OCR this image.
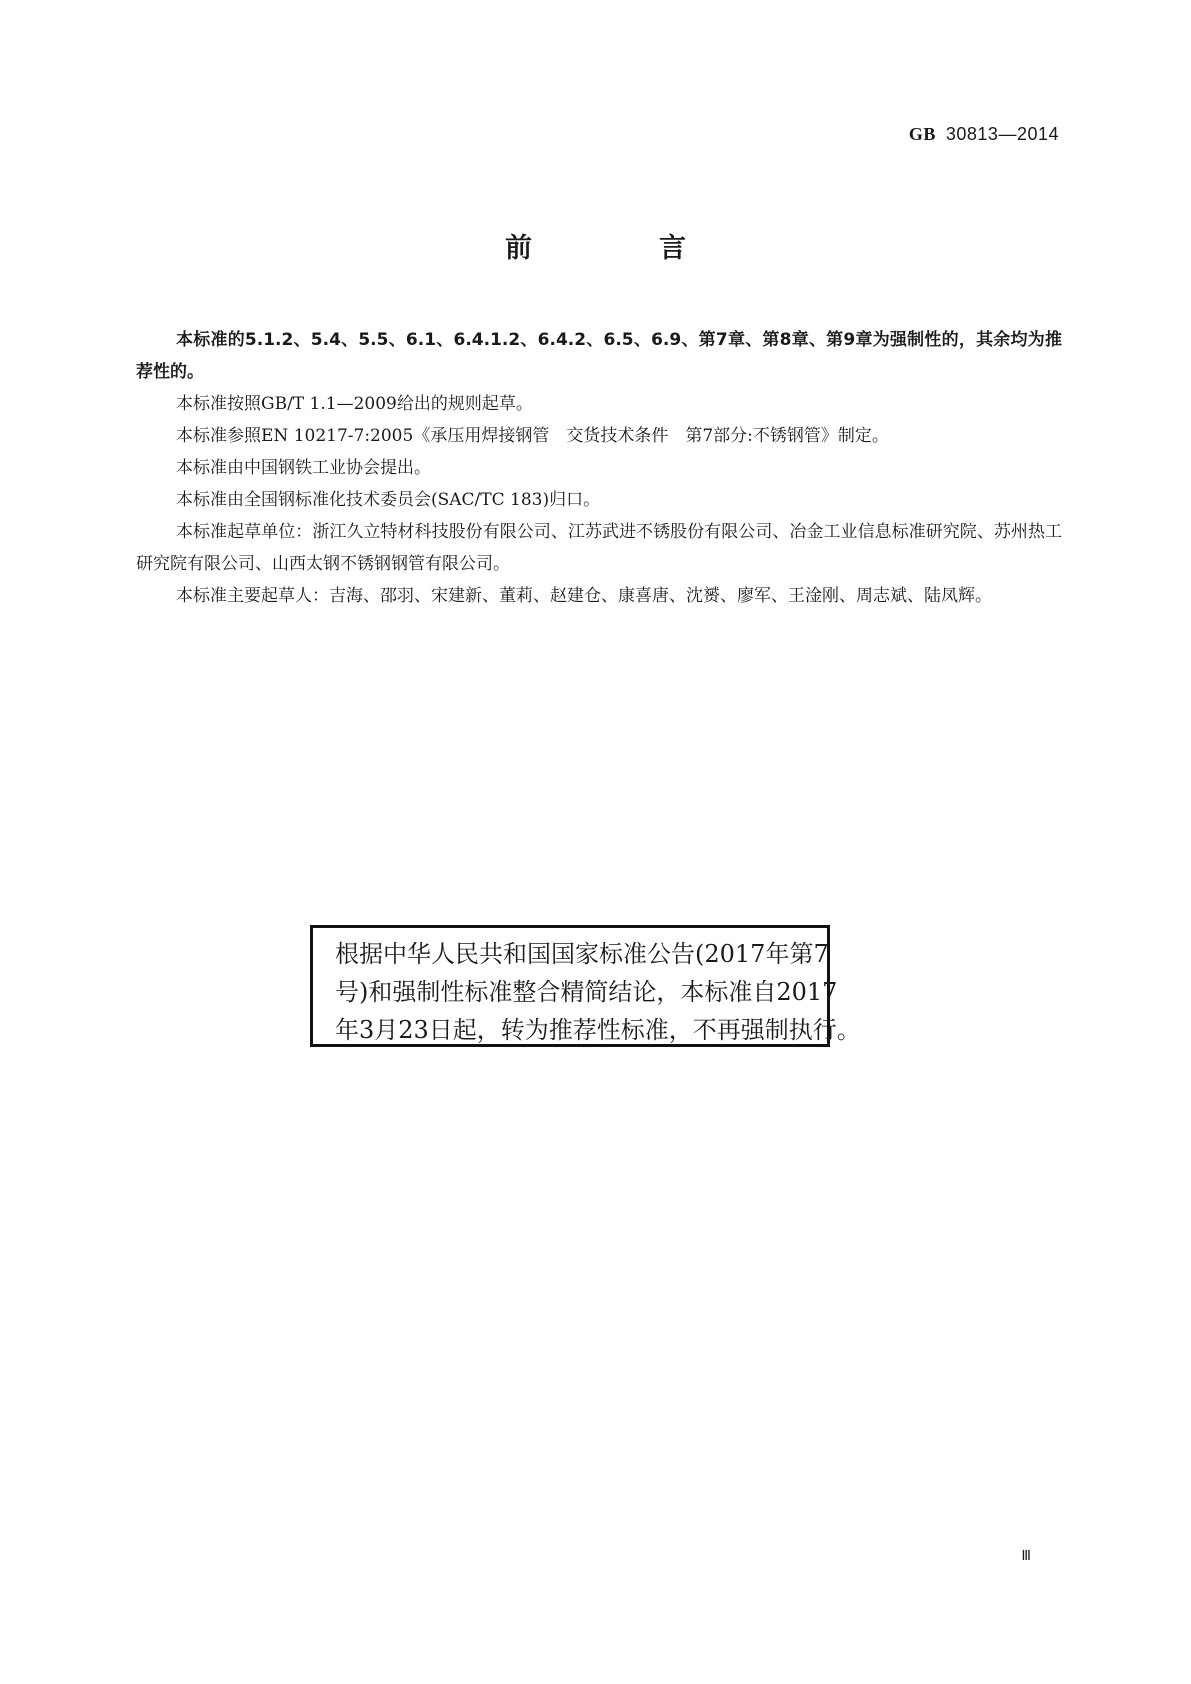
GB 30813—2014
前　言

本标准的5.1.2、5.4、5.5、6.1、6.4.1.2、6.4.2、6.5、6.9、第7章、第8章、第9章为强制性的，其余均为推荐性的。

本标准按照GB/T 1.1—2009给出的规则起草。

本标准参照EN 10217-7:2005《承压用焊接钢管　交货技术条件　第7部分:不锈钢管》制定。

本标准由中国钢铁工业协会提出。

本标准由全国钢标准化技术委员会(SAC/TC 183)归口。

本标准起草单位：浙江久立特材科技股份有限公司、江苏武进不锈股份有限公司、冶金工业信息标准研究院、苏州热工研究院有限公司、山西太钢不锈钢钢管有限公司。

本标准主要起草人：吉海、邵羽、宋建新、董莉、赵建仓、康喜唐、沈赟、廖军、王淦刚、周志斌、陆凤辉。

根据中华人民共和国国家标准公告(2017年第7
号)和强制性标准整合精简结论，本标准自2017
年3月23日起，转为推荐性标准，不再强制执行。
Ⅲ
